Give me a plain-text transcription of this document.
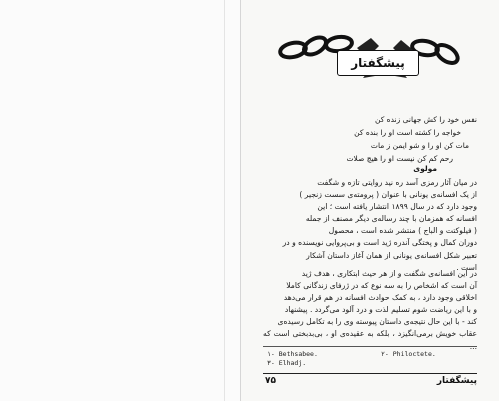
پیشگفتار
نفس خود را کش جهانی زنده کن
خواجه را کشته است او را بنده کن
مات کن او را و شو ایمن ز مات
رحم کم کن نیست او را هیچ صلات
مولوی
در میان آثار رمزی آسد ره نید روایتی تازه و شگفت
از یک افسانه‌ی یونانی با عنوان ( پرومته‌ی سست زنجیر )
وجود دارد که در سال ۱۸۹۹ انتشار یافته است ؛ این
افسانه که همزمان با چند رساله‌ی دیگر مصنف از جمله
( فیلوکتت و الباج ) منتشر شده است ، محصول
دوران کمال و پختگی آندره ژید است و بی‌پروایی نویسنده و در
تعبیر شکل افسانه‌ی یونانی از همان آغاز داستان آشکار
است .
در این افسانه‌ی شگفت و از هر حیث ابتکاری ، هدف ژید
آن است که اشخاص را به سه نوع که در ژرفای زندگانی کاملا
اخلاقی وجود دارد ، به کمک حوادث افسانه در هم قرار می‌دهد
و با این ریاضت شوم تسلیم لذت و درد آلود می‌گردد . پیشنهاد
کند - با این حال نتیجه‌ی داستان پیوسته وی را به تکامل رسیده‌ی
عقاب خویش برمی‌انگیزد ، بلکه به عقیده‌ی او ، بی‌بدبختی است که
۱- Bethsabee.	۲- Philoctete.
۳- Elhadj.
۷۵	پیشگفتار
